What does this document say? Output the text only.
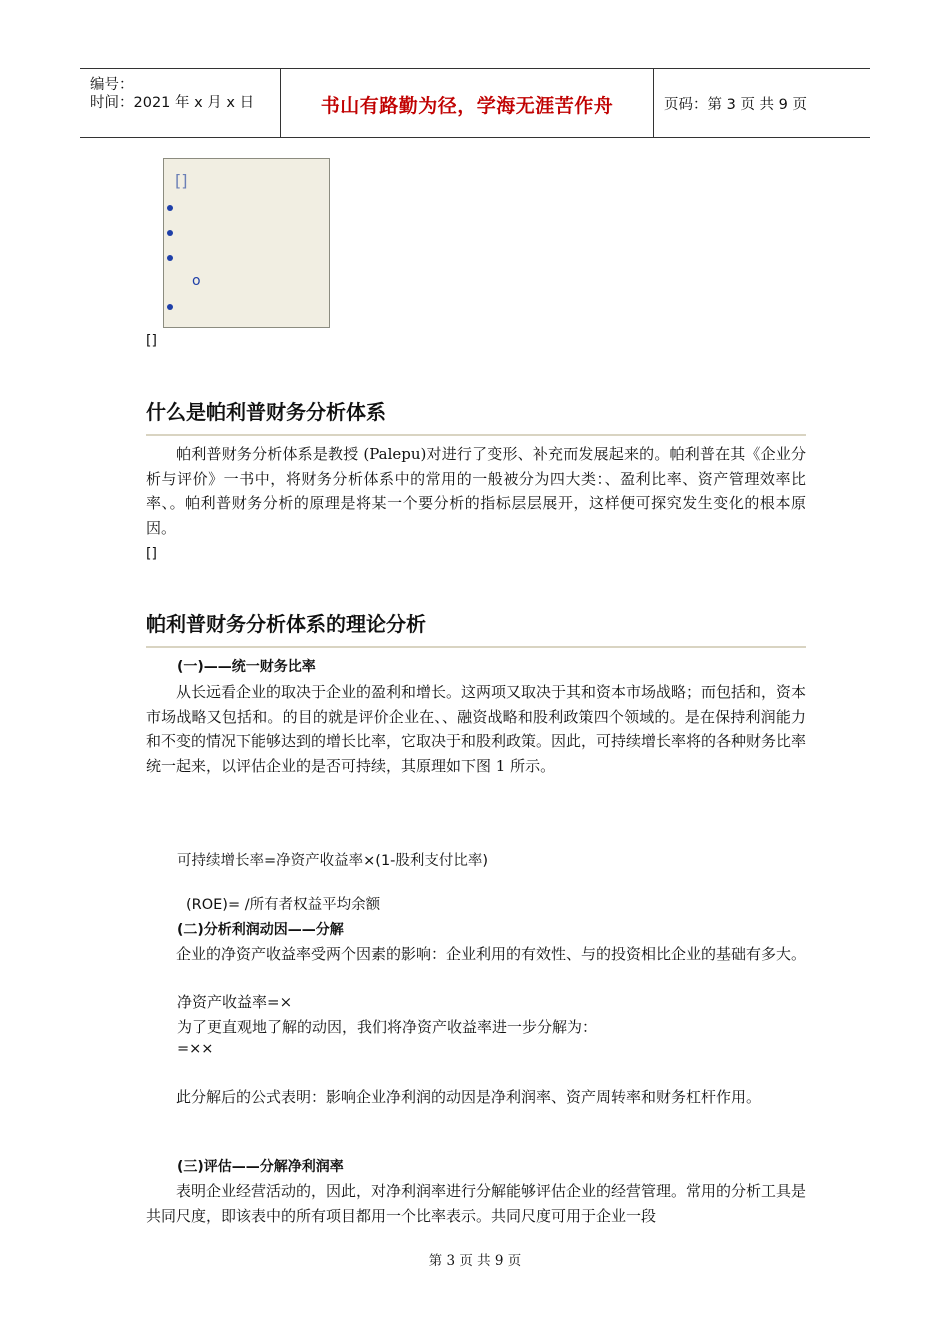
编号：
时间：2021 年 x 月 x 日	书山有路勤为径，学海无涯苦作舟	页码：第 3 页 共 9 页
[]
o
[]
什么是帕利普财务分析体系
帕利普财务分析体系是教授 (Palepu)对进行了变形、补充而发展起来的。帕利普在其《企业分析与评价》一书中，将财务分析体系中的常用的一般被分为四大类：、盈利比率、资产管理效率比率、。帕利普财务分析的原理是将某一个要分析的指标层层展开，这样便可探究发生变化的根本原因。
[]
帕利普财务分析体系的理论分析
(一)——统一财务比率
从长远看企业的取决于企业的盈利和增长。这两项又取决于其和资本市场战略；而包括和，资本市场战略又包括和。的目的就是评价企业在、、融资战略和股利政策四个领域的。是在保持利润能力和不变的情况下能够达到的增长比率，它取决于和股利政策。因此，可持续增长率将的各种财务比率统一起来，以评估企业的是否可持续，其原理如下图 1 所示。
可持续增长率=净资产收益率×(1-股利支付比率)
(ROE)= /所有者权益平均余额
(二)分析利润动因——分解
企业的净资产收益率受两个因素的影响：企业利用的有效性、与的投资相比企业的基础有多大。
净资产收益率=×
为了更直观地了解的动因，我们将净资产收益率进一步分解为：
=××
此分解后的公式表明：影响企业净利润的动因是净利润率、资产周转率和财务杠杆作用。
(三)评估——分解净利润率
表明企业经营活动的，因此，对净利润率进行分解能够评估企业的经营管理。常用的分析工具是共同尺度，即该表中的所有项目都用一个比率表示。共同尺度可用于企业一段
第 3 页 共 9 页
